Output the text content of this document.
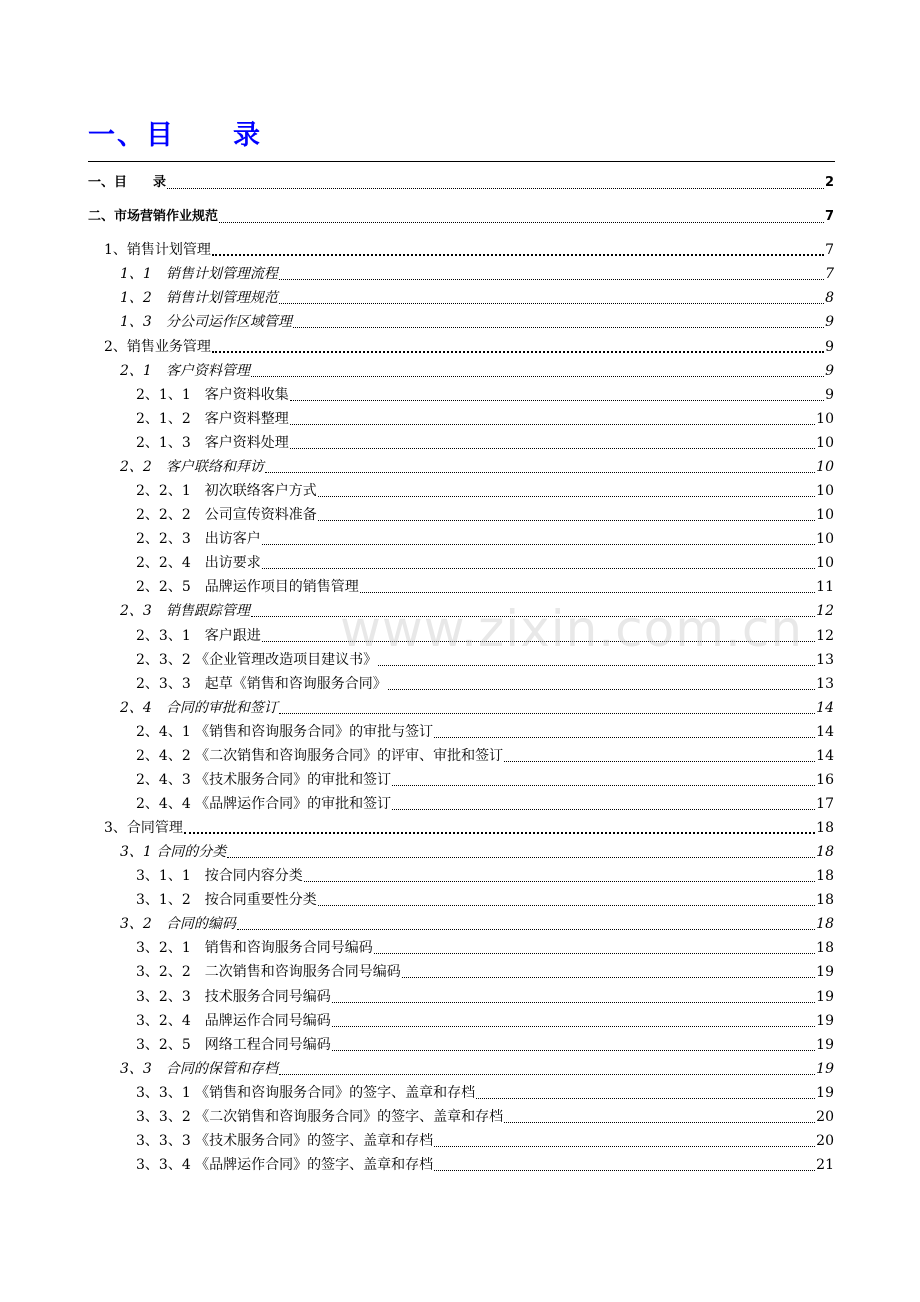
一、目　　录
一、目　　录	2
二、市场营销作业规范	7
1、 销售计划管理	7
1、1　 销售计划管理流程	7
1、2　 销售计划管理规范	8
1、3　 分公司运作区域管理	9
2、 销售业务管理	9
2、1　 客户资料管理	9
2、1、1　 客户资料收集	9
2、1、2　 客户资料整理	10
2、1、3　 客户资料处理	10
2、2　 客户联络和拜访	10
2、2、1　 初次联络客户方式	10
2、2、2　 公司宣传资料准备	10
2、2、3　 出访客户	10
2、2、4　 出访要求	10
2、2、5　 品牌运作项目的销售管理	11
2、3　 销售跟踪管理	12
2、3、1　 客户跟进	12
2、3、2 《企业管理改造项目建议书》	13
2、3、3　 起草《销售和咨询服务合同》	13
2、4　 合同的审批和签订	14
2、4、1 《销售和咨询服务合同》的审批与签订	14
2、4、2 《二次销售和咨询服务合同》的评审、审批和签订	14
2、4、3 《技术服务合同》的审批和签订	16
2、4、4 《品牌运作合同》的审批和签订	17
3、 合同管理	18
3、1 合同的分类	18
3、1、1　 按合同内容分类	18
3、1、2　 按合同重要性分类	18
3、2　 合同的编码	18
3、2、1　 销售和咨询服务合同号编码	18
3、2、2　 二次销售和咨询服务合同号编码	19
3、2、3　 技术服务合同号编码	19
3、2、4　 品牌运作合同号编码	19
3、2、5　 网络工程合同号编码	19
3、3　 合同的保管和存档	19
3、3、1 《销售和咨询服务合同》的签字、盖章和存档	19
3、3、2 《二次销售和咨询服务合同》的签字、盖章和存档	20
3、3、3 《技术服务合同》的签字、盖章和存档	20
3、3、4 《品牌运作合同》的签字、盖章和存档	21
www.zixin.com.cn
